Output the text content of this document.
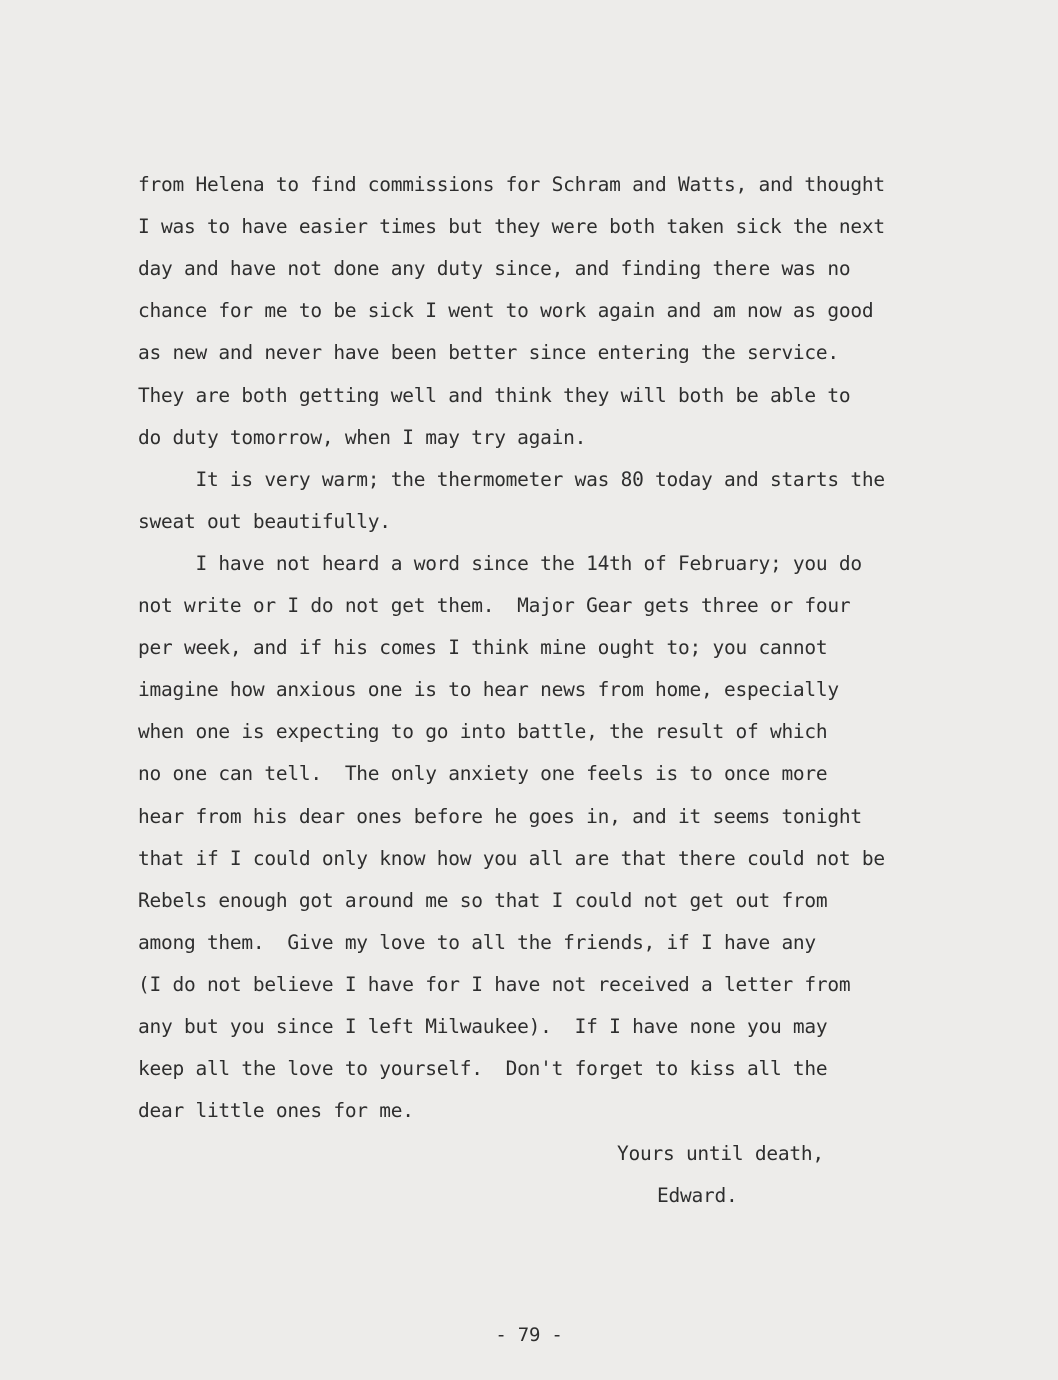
from Helena to find commissions for Schram and Watts, and thought
I was to have easier times but they were both taken sick the next
day and have not done any duty since, and finding there was no
chance for me to be sick I went to work again and am now as good
as new and never have been better since entering the service.
They are both getting well and think they will both be able to
do duty tomorrow, when I may try again.
It is very warm; the thermometer was 80 today and starts the
sweat out beautifully.
I have not heard a word since the 14th of February; you do
not write or I do not get them.  Major Gear gets three or four
per week, and if his comes I think mine ought to; you cannot
imagine how anxious one is to hear news from home, especially
when one is expecting to go into battle, the result of which
no one can tell.  The only anxiety one feels is to once more
hear from his dear ones before he goes in, and it seems tonight
that if I could only know how you all are that there could not be
Rebels enough got around me so that I could not get out from
among them.  Give my love to all the friends, if I have any
(I do not believe I have for I have not received a letter from
any but you since I left Milwaukee).  If I have none you may
keep all the love to yourself.  Don't forget to kiss all the
dear little ones for me.
Yours until death,
Edward.
- 79 -
